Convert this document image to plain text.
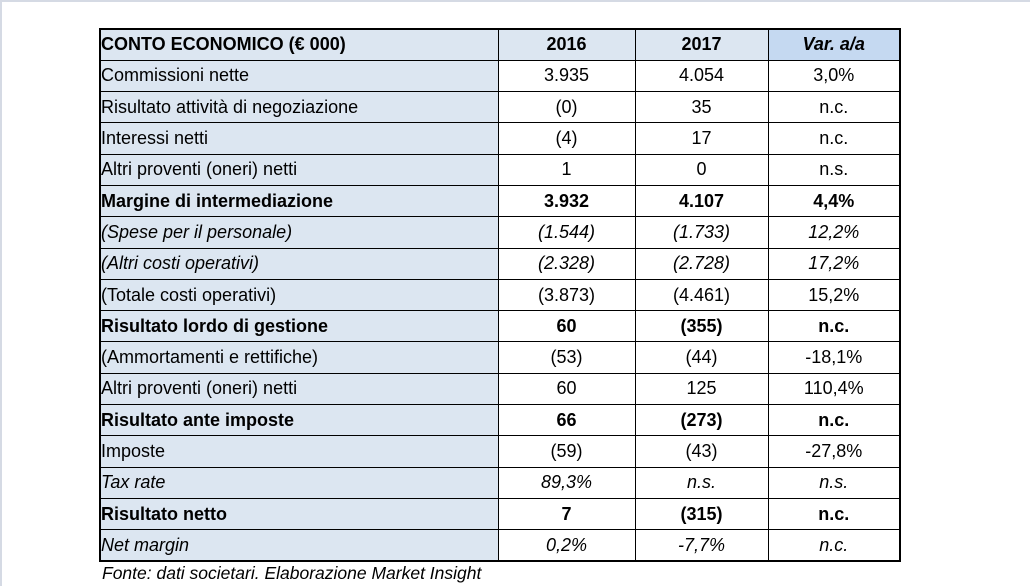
CONTO ECONOMICO (€ 000)	2016	2017	Var. a/a
Commissioni nette	3.935	4.054	3,0%
Risultato attività di negoziazione	(0)	35	n.c.
Interessi netti	(4)	17	n.c.
Altri proventi (oneri) netti	1	0	n.s.
Margine di intermediazione	3.932	4.107	4,4%
(Spese per il personale)	(1.544)	(1.733)	12,2%
(Altri costi operativi)	(2.328)	(2.728)	17,2%
(Totale costi operativi)	(3.873)	(4.461)	15,2%
Risultato lordo di gestione	60	(355)	n.c.
(Ammortamenti e rettifiche)	(53)	(44)	-18,1%
Altri proventi (oneri) netti	60	125	110,4%
Risultato ante imposte	66	(273)	n.c.
Imposte	(59)	(43)	-27,8%
Tax rate	89,3%	n.s.	n.s.
Risultato netto	7	(315)	n.c.
Net margin	0,2%	-7,7%	n.c.
Fonte: dati societari. Elaborazione Market Insight
